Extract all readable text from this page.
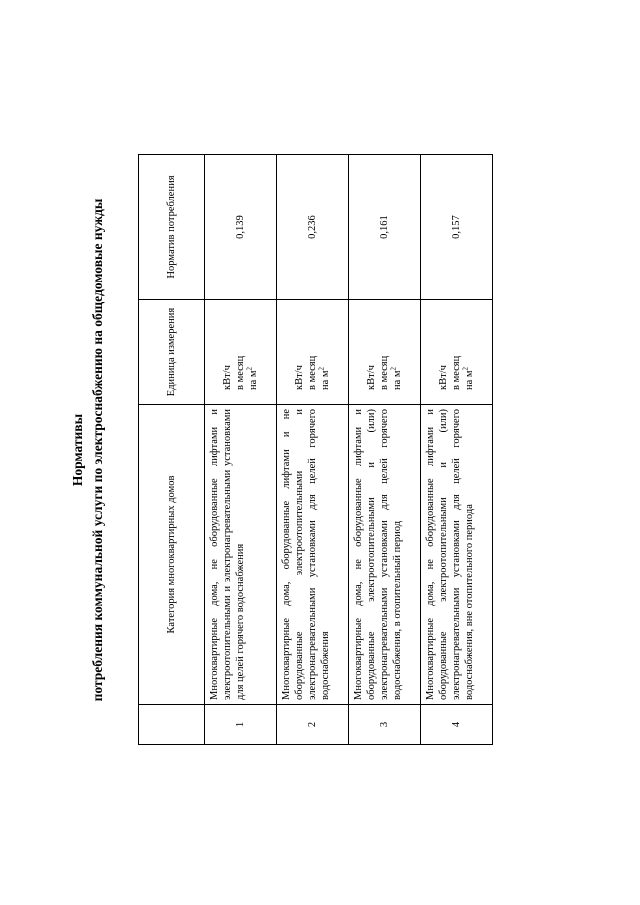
Нормативы потребления коммунальной услуги по электроснабжению на общедомовые нужды
		Категория многоквартирных домов	Единица измерения	Норматив потребления
1	Многоквартирные дома, не оборудованные лифтами и электроотопительными и электронагревательными установками для целей горячего водоснабжения	кВт/ч в месяц на $м^2$	0,139
2	Многоквартирные дома, оборудованные лифтами и не оборудованные электроотопительными и электронагревательными установками для целей горячего водоснабжения	кВт/ч в месяц на $м^2$	0,236
3	Многоквартирные дома, не оборудованные лифтами и оборудованные электроотопительными и (или) электронагревательными установками для целей горячего водоснабжения, в отопительный период	кВт/ч в месяц на $м^2$	0,161
4	Многоквартирные дома, не оборудованные лифтами и оборудованные электроотопительными и (или) электронагревательными установками для целей горячего водоснабжения, вне отопительного периода	кВт/ч в месяц на $м^2$	0,157
